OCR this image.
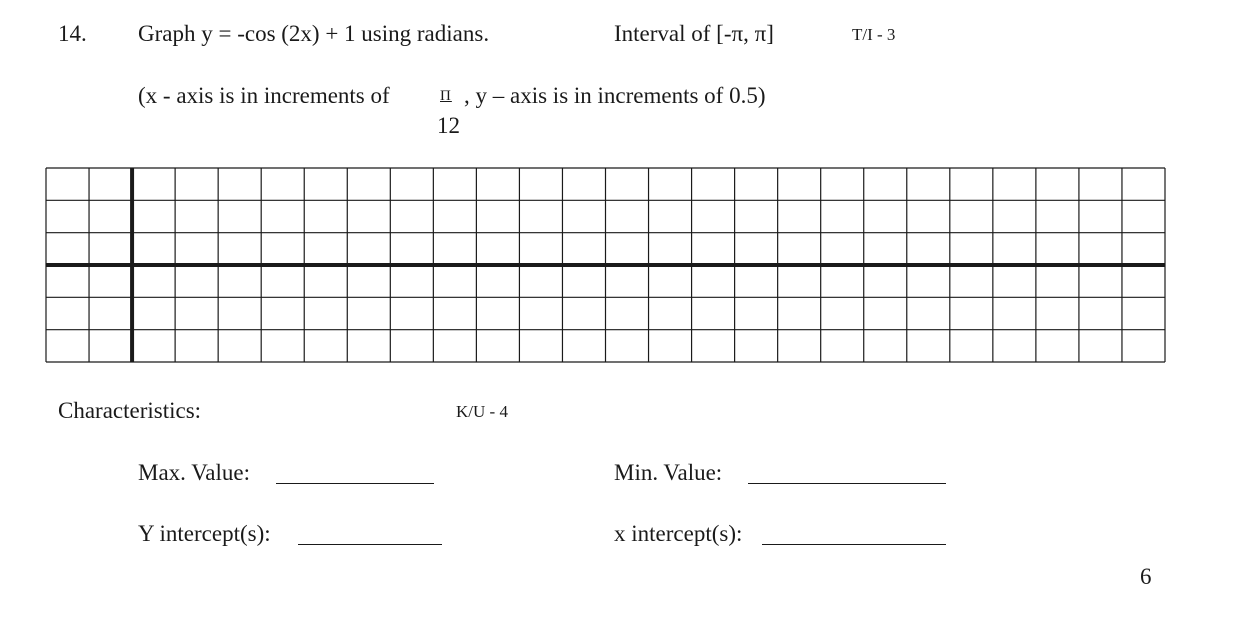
14. Graph y = -cos (2x) + 1 using radians.	Interval of [-π, π]	T/I - 3
(x - axis is in increments of	Π , y – axis is in increments of 0.5)
12
Characteristics:	K/U - 4
Max. Value:	Min. Value:
Y intercept(s):	x intercept(s):
6
